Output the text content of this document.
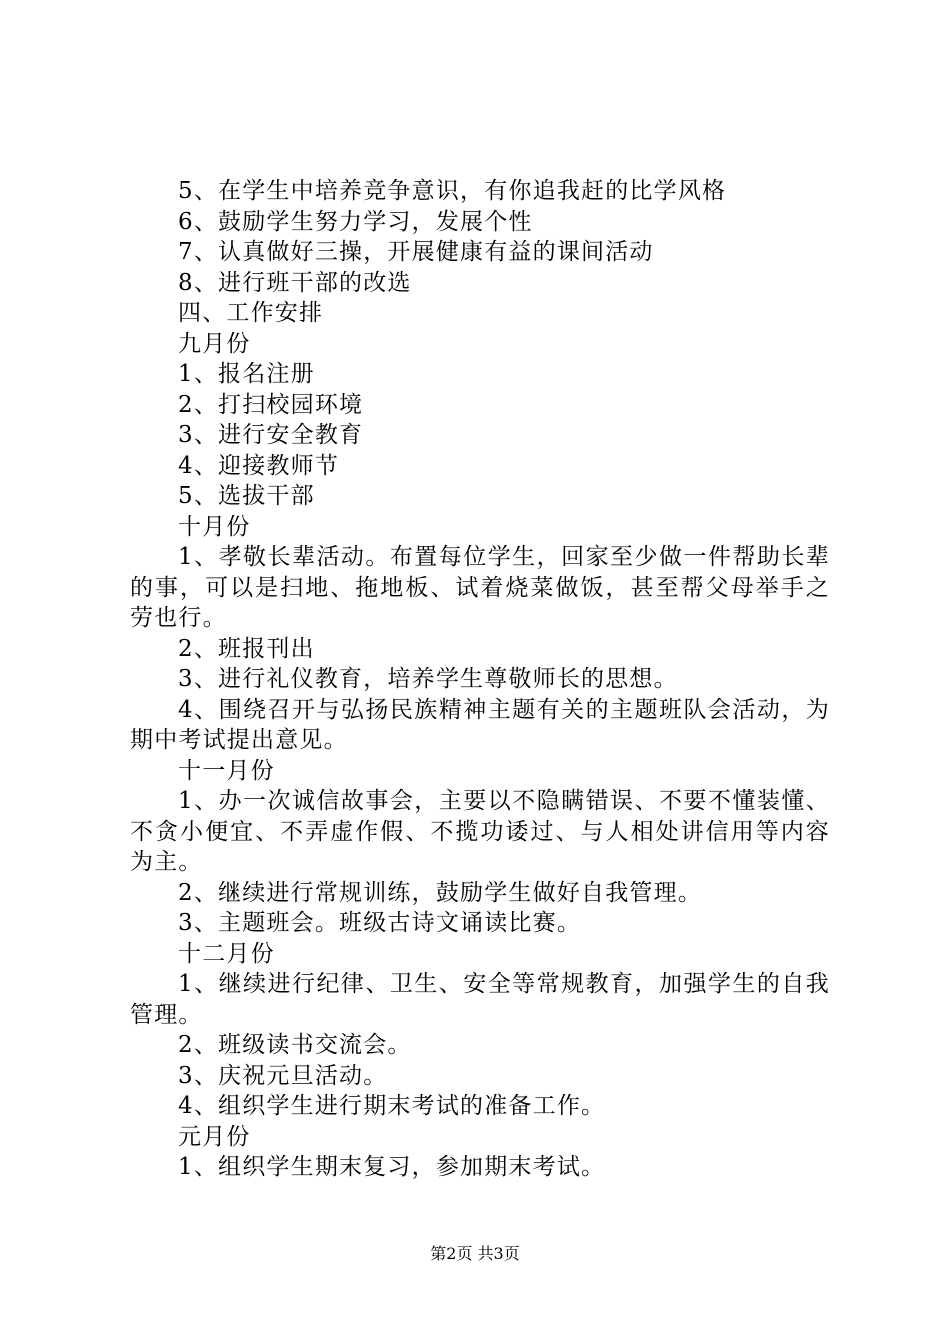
5、在学生中培养竞争意识，有你追我赶的比学风格
6、鼓励学生努力学习，发展个性
7、认真做好三操，开展健康有益的课间活动
8、进行班干部的改选
四、工作安排
九月份
1、报名注册
2、打扫校园环境
3、进行安全教育
4、迎接教师节
5、选拔干部
十月份
1、孝敬长辈活动。布置每位学生，回家至少做一件帮助长辈的事，可以是扫地、拖地板、试着烧菜做饭，甚至帮父母举手之劳也行。
2、班报刊出
3、进行礼仪教育，培养学生尊敬师长的思想。
4、围绕召开与弘扬民族精神主题有关的主题班队会活动，为期中考试提出意见。
十一月份
1、办一次诚信故事会，主要以不隐瞒错误、不要不懂装懂、不贪小便宜、不弄虚作假、不揽功诿过、与人相处讲信用等内容为主。
2、继续进行常规训练，鼓励学生做好自我管理。
3、主题班会。班级古诗文诵读比赛。
十二月份
1、继续进行纪律、卫生、安全等常规教育，加强学生的自我管理。
2、班级读书交流会。
3、庆祝元旦活动。
4、组织学生进行期末考试的准备工作。
元月份
1、组织学生期末复习，参加期末考试。
第2页 共3页
